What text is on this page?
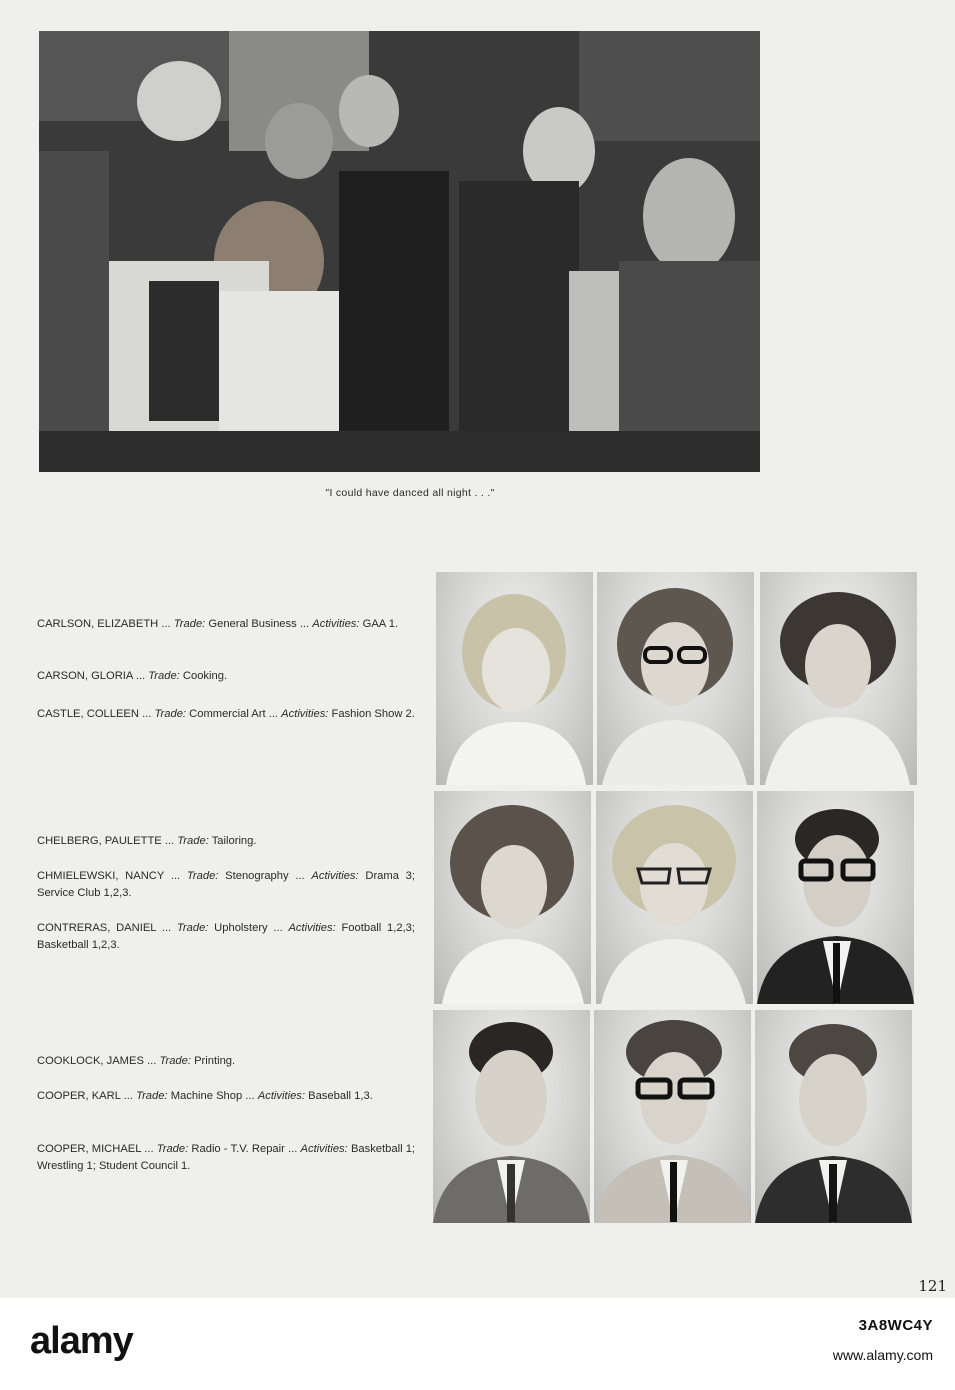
"I could have danced all night . . ."
CARLSON, ELIZABETH ... Trade: General Business ... Activities: GAA 1.
CARSON, GLORIA ... Trade: Cooking.
CASTLE, COLLEEN ... Trade: Commercial Art ... Activities: Fashion Show 2.
CHELBERG, PAULETTE ... Trade: Tailoring.
CHMIELEWSKI, NANCY ... Trade: Stenography ... Activities: Drama 3; Service Club 1,2,3.
CONTRERAS, DANIEL ... Trade: Upholstery ... Activities: Football 1,2,3; Basketball 1,2,3.
COOKLOCK, JAMES ... Trade: Printing.
COOPER, KARL ... Trade: Machine Shop ... Activities: Baseball 1,3.
COOPER, MICHAEL ... Trade: Radio - T.V. Repair ... Activities: Basketball 1; Wrestling 1; Student Council 1.
121
alamy	3A8WC4Y
www.alamy.com
